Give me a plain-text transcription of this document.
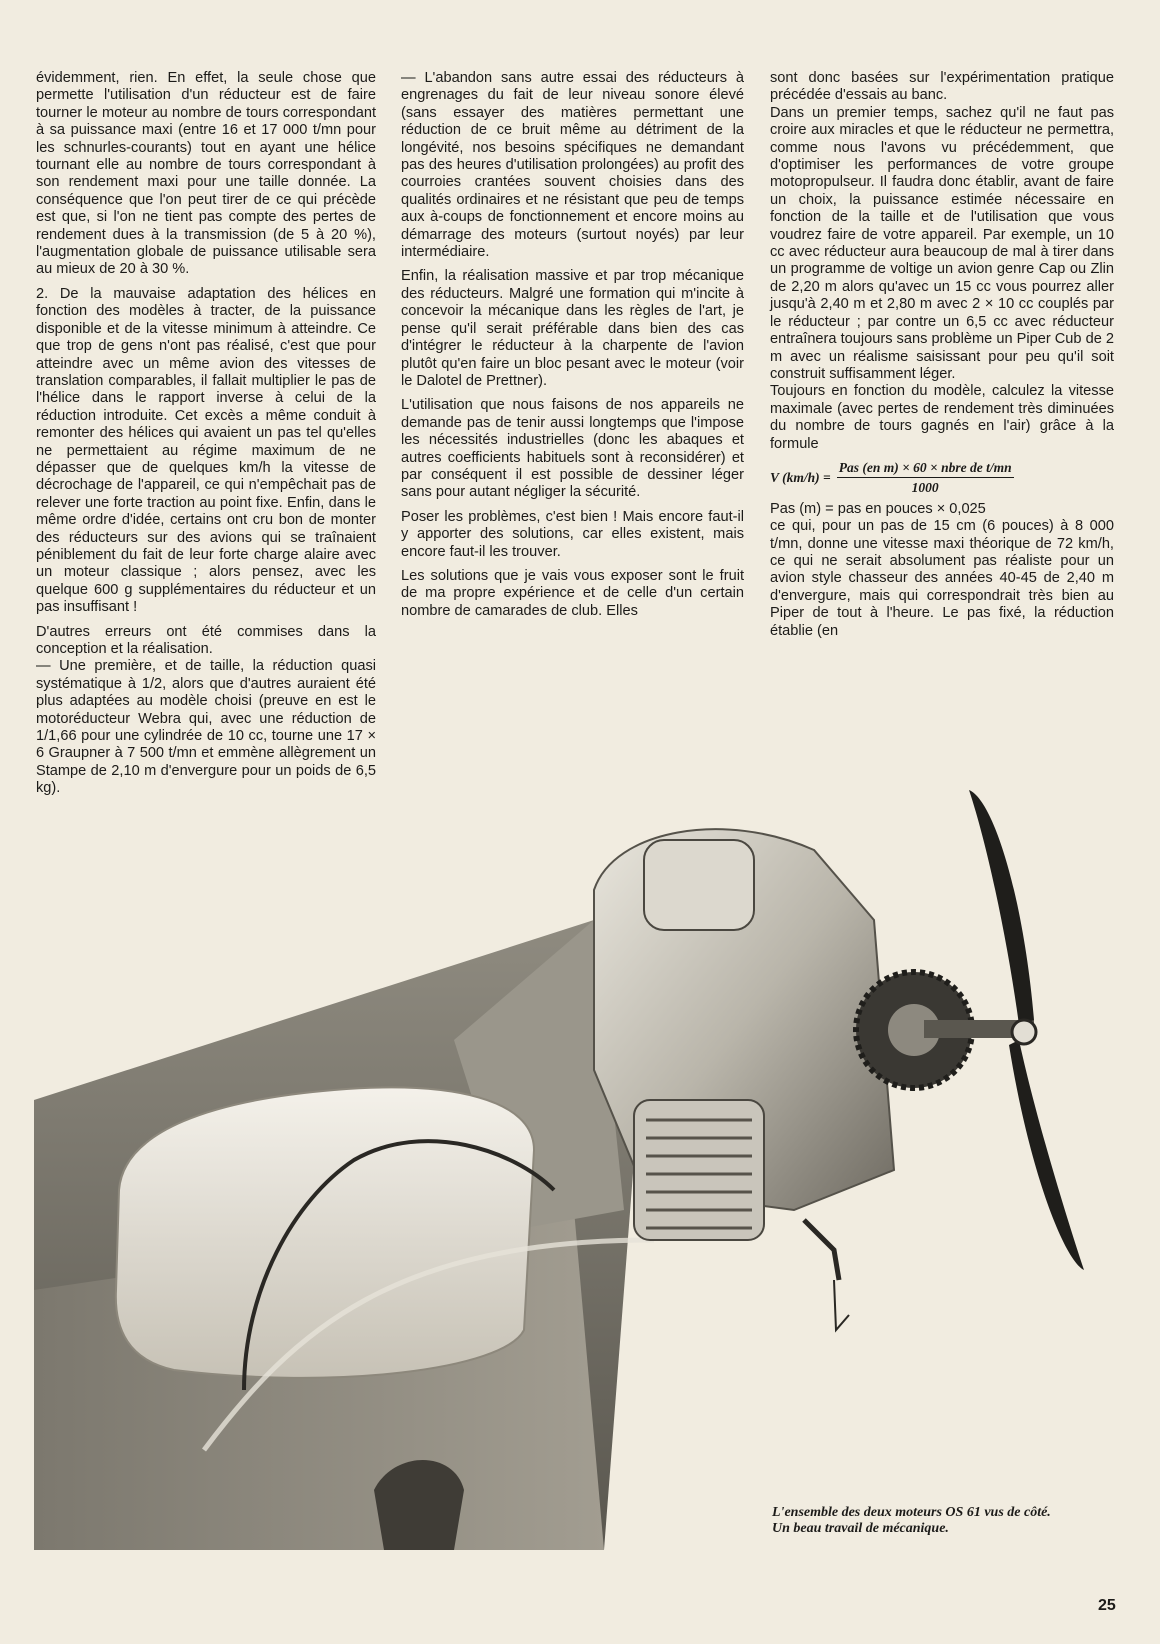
évidemment, rien. En effet, la seule chose que permette l'utilisation d'un réducteur est de faire tourner le moteur au nombre de tours correspondant à sa puissance maxi (entre 16 et 17 000 t/mn pour les schnurles-courants) tout en ayant une hélice tournant elle au nombre de tours correspondant à son rendement maxi pour une taille donnée. La conséquence que l'on peut tirer de ce qui précède est que, si l'on ne tient pas compte des pertes de rendement dues à la transmission (de 5 à 20 %), l'augmentation globale de puissance utilisable sera au mieux de 20 à 30 %.

2. De la mauvaise adaptation des hélices en fonction des modèles à tracter, de la puissance disponible et de la vitesse minimum à atteindre. Ce que trop de gens n'ont pas réalisé, c'est que pour atteindre avec un même avion des vitesses de translation comparables, il fallait multiplier le pas de l'hélice dans le rapport inverse à celui de la réduction introduite. Cet excès a même conduit à remonter des hélices qui avaient un pas tel qu'elles ne permettaient au régime maximum de ne dépasser que de quelques km/h la vitesse de décrochage de l'appareil, ce qui n'empêchait pas de relever une forte traction au point fixe. Enfin, dans le même ordre d'idée, certains ont cru bon de monter des réducteurs sur des avions qui se traînaient péniblement du fait de leur forte charge alaire avec un moteur classique ; alors pensez, avec les quelque 600 g supplémentaires du réducteur et un pas insuffisant !

D'autres erreurs ont été commises dans la conception et la réalisation.

— Une première, et de taille, la réduction quasi systématique à 1/2, alors que d'autres auraient été plus adaptées au modèle choisi (preuve en est le motoréducteur Webra qui, avec une réduction de 1/1,66 pour une cylindrée de 10 cc, tourne une 17 × 6 Graupner à 7 500 t/mn et emmène allègrement un Stampe de 2,10 m d'envergure pour un poids de 6,5 kg).

— L'abandon sans autre essai des réducteurs à engrenages du fait de leur niveau sonore élevé (sans essayer des matières permettant une réduction de ce bruit même au détriment de la longévité, nos besoins spécifiques ne demandant pas des heures d'utilisation prolongées) au profit des courroies crantées souvent choisies dans des qualités ordinaires et ne résistant que peu de temps aux à-coups de fonctionnement et encore moins au démarrage des moteurs (surtout noyés) par leur intermédiaire.

Enfin, la réalisation massive et par trop mécanique des réducteurs. Malgré une formation qui m'incite à concevoir la mécanique dans les règles de l'art, je pense qu'il serait préférable dans bien des cas d'intégrer le réducteur à la charpente de l'avion plutôt qu'en faire un bloc pesant avec le moteur (voir le Dalotel de Prettner).

L'utilisation que nous faisons de nos appareils ne demande pas de tenir aussi longtemps que l'impose les nécessités industrielles (donc les abaques et autres coefficients habituels sont à reconsidérer) et par conséquent il est possible de dessiner léger sans pour autant négliger la sécurité.

Poser les problèmes, c'est bien ! Mais encore faut-il y apporter des solutions, car elles existent, mais encore faut-il les trouver.

Les solutions que je vais vous exposer sont le fruit de ma propre expérience et de celle d'un certain nombre de camarades de club. Elles

sont donc basées sur l'expérimentation pratique précédée d'essais au banc.

Dans un premier temps, sachez qu'il ne faut pas croire aux miracles et que le réducteur ne permettra, comme nous l'avons vu précédemment, que d'optimiser les performances de votre groupe motopropulseur. Il faudra donc établir, avant de faire un choix, la puissance estimée nécessaire en fonction de la taille et de l'utilisation que vous voudrez faire de votre appareil. Par exemple, un 10 cc avec réducteur aura beaucoup de mal à tirer dans un programme de voltige un avion genre Cap ou Zlin de 2,20 m alors qu'avec un 15 cc vous pourrez aller jusqu'à 2,40 m et 2,80 m avec 2 × 10 cc couplés par le réducteur ; par contre un 6,5 cc avec réducteur entraînera toujours sans problème un Piper Cub de 2 m avec un réalisme saisissant pour peu qu'il soit construit suffisamment léger.

Toujours en fonction du modèle, calculez la vitesse maximale (avec pertes de rendement très diminuées du nombre de tours gagnés en l'air) grâce à la formule

V $(km/h) = \frac{\text{Pas (en m) × 60 × nbre de t/mn}}{1000}$

Pas (m) = pas en pouces × 0,025

ce qui, pour un pas de 15 cm (6 pouces) à 8 000 t/mn, donne une vitesse maxi théorique de 72 km/h, ce qui ne serait absolument pas réaliste pour un avion style chasseur des années 40-45 de 2,40 m d'envergure, mais qui correspondrait très bien au Piper de tout à l'heure. Le pas fixé, la réduction établie (en

L'ensemble des deux moteurs OS 61 vus de côté.
Un beau travail de mécanique.
25
